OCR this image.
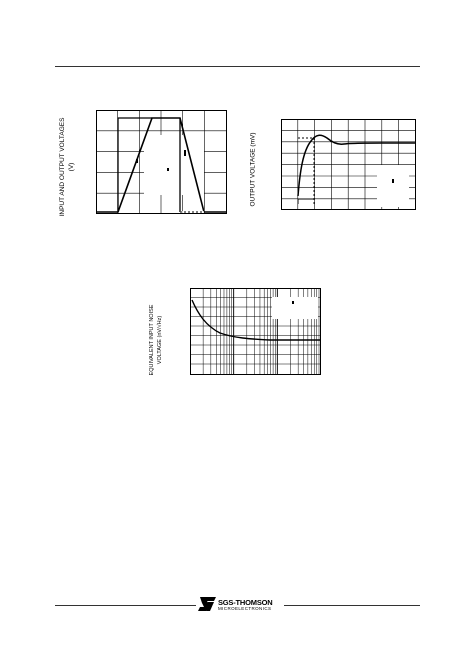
INPUT AND OUTPUT VOLTAGES (V)	OUTPUT VOLTAGE (mV)
EQUIVALENT INPUT NOISE VOLTAGE (nV/√Hz)
SGS-THOMSON
MICROELECTRONICS
